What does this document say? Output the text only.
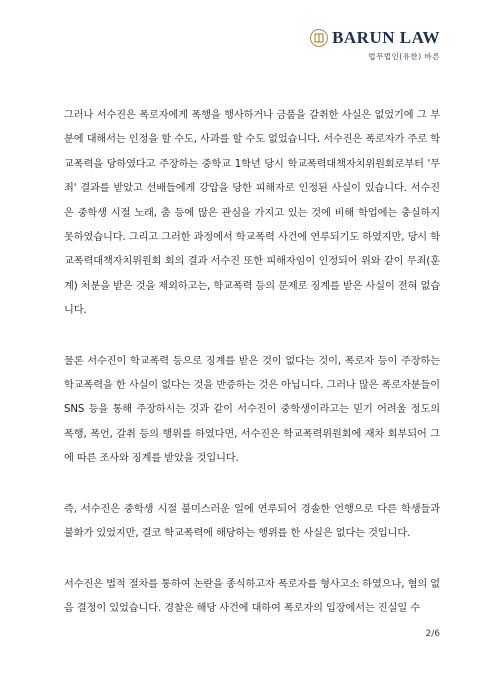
BARUN LAW
법무법인(유한) 바른

그러나 서수진은 폭로자에게 폭행을 행사하거나 금품을 갈취한 사실은 없었기에 그 부분에 대해서는 인정을 할 수도, 사과를 할 수도 없었습니다. 서수진은 폭로자가 주로 학교폭력을 당하였다고 주장하는 중학교 1학년 당시 학교폭력대책자치위원회로부터 '무죄' 결과를 받았고 선배들에게 강압을 당한 피해자로 인정된 사실이 있습니다. 서수진은 중학생 시절 노래, 춤 등에 많은 관심을 가지고 있는 것에 비해 학업에는 충실하지 못하였습니다. 그리고 그러한 과정에서 학교폭력 사건에 연루되기도 하였지만, 당시 학교폭력대책자치위원회 회의 결과 서수진 또한 피해자임이 인정되어 위와 같이 무죄(훈계) 처분을 받은 것을 제외하고는, 학교폭력 등의 문제로 징계를 받은 사실이 전혀 없습니다.

물론 서수진이 학교폭력 등으로 징계를 받은 것이 없다는 것이, 폭로자 등이 주장하는 학교폭력을 한 사실이 없다는 것을 반증하는 것은 아닙니다. 그러나 많은 폭로자분들이 SNS 등을 통해 주장하시는 것과 같이 서수진이 중학생이라고는 믿기 어려울 정도의 폭행, 폭언, 갈취 등의 행위를 하였다면, 서수진은 학교폭력위원회에 재차 회부되어 그에 따른 조사와 징계를 받았을 것입니다.

즉, 서수진은 중학생 시절 불미스러운 일에 연루되어 경솔한 언행으로 다른 학생들과 불화가 있었지만, 결코 학교폭력에 해당하는 행위를 한 사실은 없다는 것입니다.

서수진은 법적 절차를 통하여 논란을 종식하고자 폭로자를 형사고소 하였으나, 혐의 없음 결정이 있었습니다. 경찰은 해당 사건에 대하여 폭로자의 입장에서는 진실일 수

2/6
